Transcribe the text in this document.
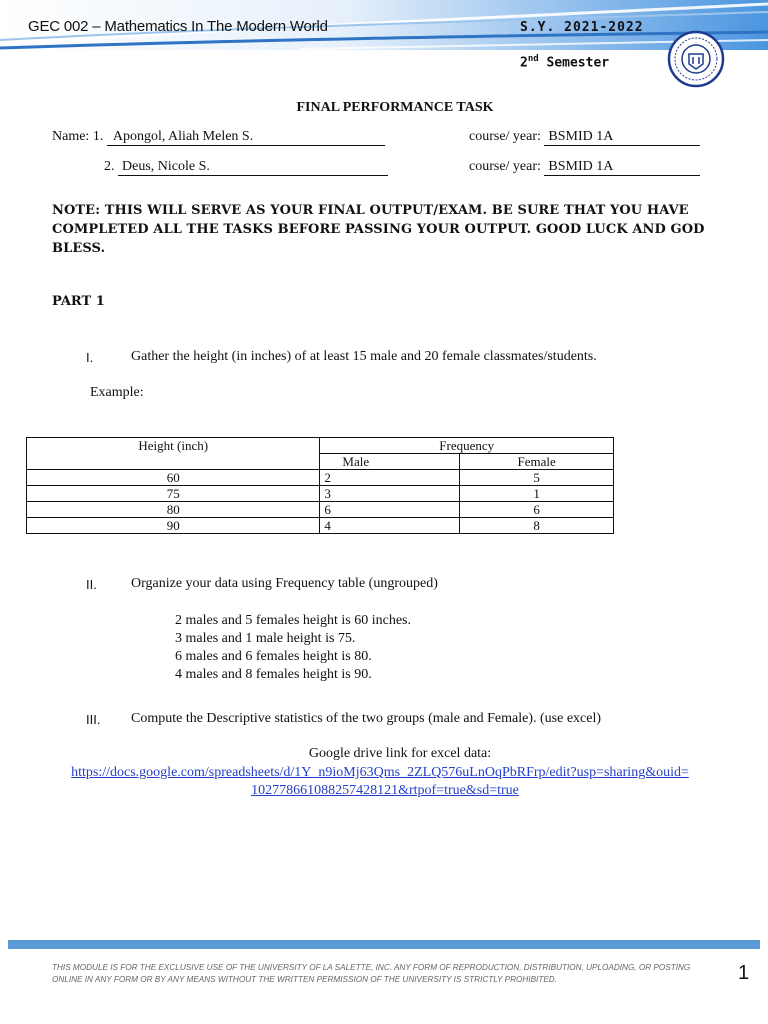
GEC 002 – Mathematics In The Modern World	S.Y. 2021-2022
2nd Semester
FINAL PERFORMANCE TASK
Name: 1. Apongol, Aliah Melen S.	course/ year: BSMID 1A
2. Deus, Nicole S.	course/ year: BSMID 1A
NOTE: THIS WILL SERVE AS YOUR FINAL OUTPUT/EXAM. BE SURE THAT YOU HAVE COMPLETED ALL THE TASKS BEFORE PASSING YOUR OUTPUT. GOOD LUCK AND GOD BLESS.
PART 1
I.	Gather the height (in inches) of at least 15 male and 20 female classmates/students.
Example:
Height (inch)	Frequency	
	Male	Female
60	2	5
75	3	1
80	6	6
90	4	8
II. Organize your data using Frequency table (ungrouped)
2 males and 5 females height is 60 inches.
3 males and 1 male height is 75.
6 males and 6 females height is 80.
4 males and 8 females height is 90.
III. Compute the Descriptive statistics of the two groups (male and Female). (use excel)
Google drive link for excel data:
https://docs.google.com/spreadsheets/d/1Y_n9ioMj63Qms_2ZLQ576uLnOqPbRFrp/edit?usp=sharing&ouid=
102778661088257428121&rtpof=true&sd=true
THIS MODULE IS FOR THE EXCLUSIVE USE OF THE UNIVERSITY OF LA SALETTE, INC. ANY FORM OF REPRODUCTION, DISTRIBUTION, UPLOADING, OR POSTING ONLINE IN ANY FORM OR BY ANY MEANS WITHOUT THE WRITTEN PERMISSION OF THE UNIVERSITY IS STRICTLY PROHIBITED.	1
